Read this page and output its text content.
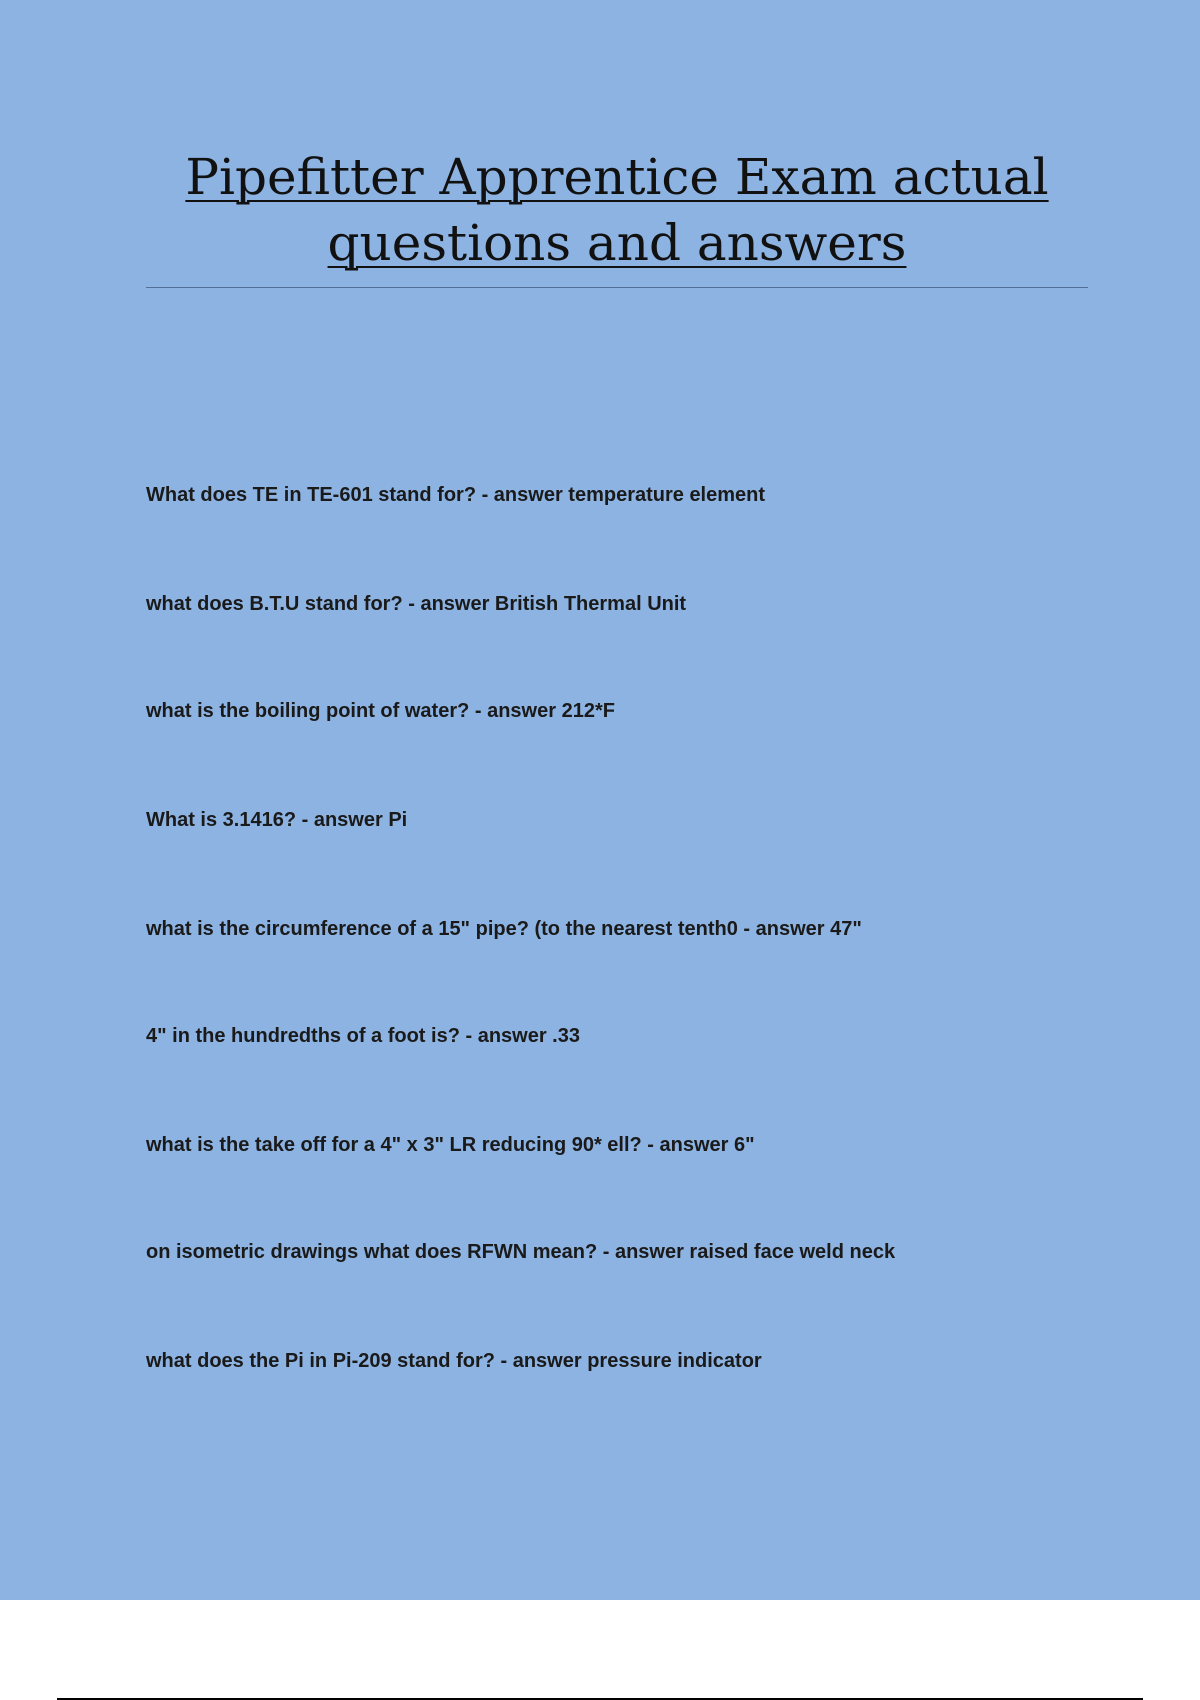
Pipefitter Apprentice Exam actual
questions and answers

What does TE in TE-601 stand for? - answer temperature element

what does B.T.U stand for? - answer British Thermal Unit

what is the boiling point of water? - answer 212*F

What is 3.1416? - answer Pi

what is the circumference of a 15" pipe? (to the nearest tenth0 - answer 47"

4" in the hundredths of a foot is? - answer .33

what is the take off for a 4" x 3" LR reducing 90* ell? - answer 6"

on isometric drawings what does RFWN mean? - answer raised face weld neck

what does the Pi in Pi-209 stand for? - answer pressure indicator
